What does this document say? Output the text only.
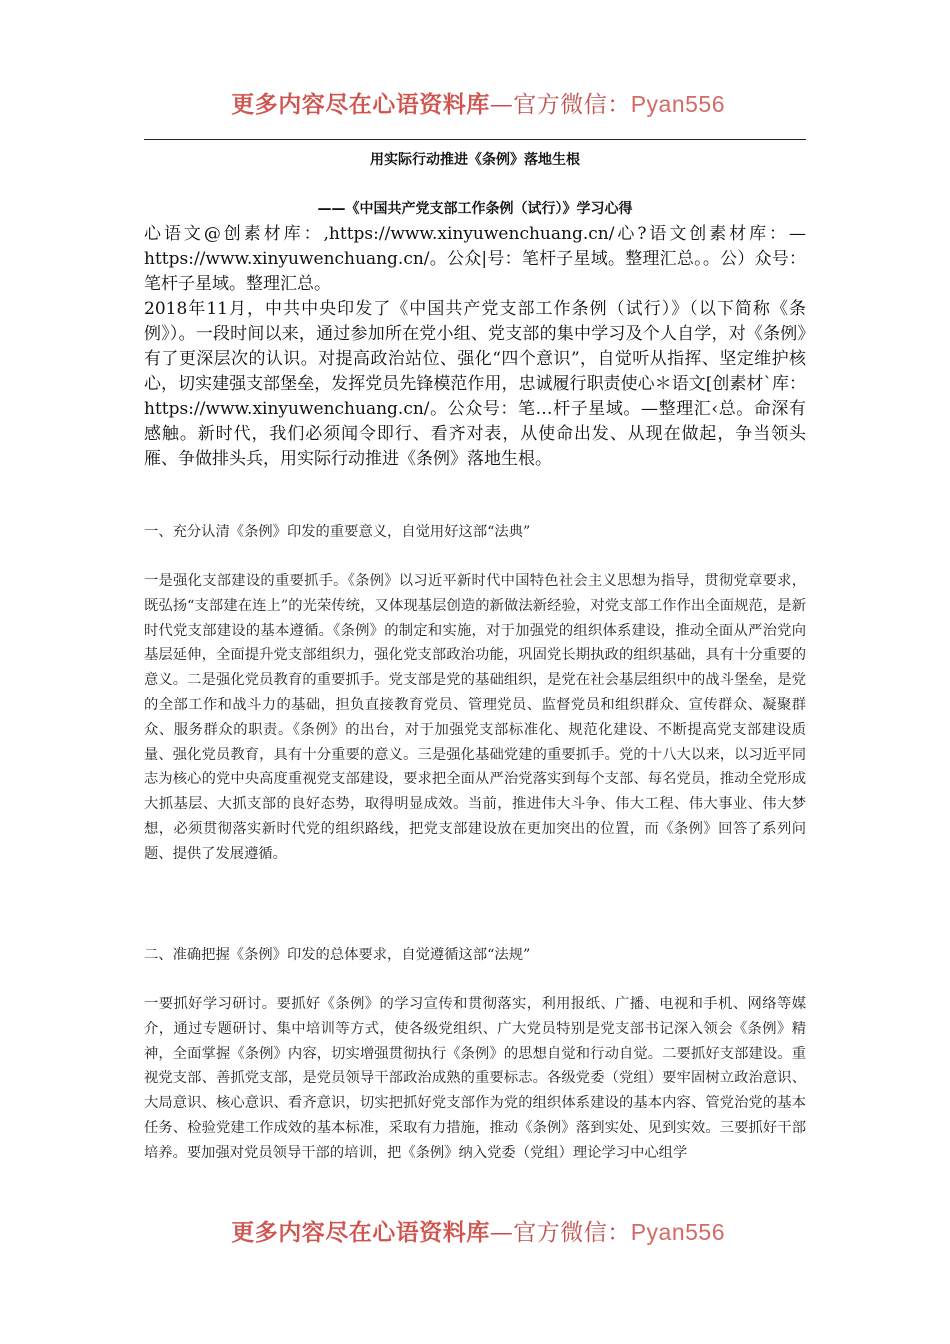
更多内容尽在心语资料库—官方微信：Pyan556
用实际行动推进《条例》落地生根
——《中国共产党支部工作条例（试行）》学习心得

心语文@创素材库：,https://www.xinyuwenchuang.cn/心?语文创素材库：—https://www.xinyuwenchuang.cn/。公众|号：笔杆子星域。整理汇总。。公）众号：笔杆子星域。整理汇总。

2018年11月，中共中央印发了《中国共产党支部工作条例（试行）》（以下简称《条例》）。一段时间以来，通过参加所在党小组、党支部的集中学习及个人自学，对《条例》有了更深层次的认识。对提高政治站位、强化“四个意识”，自觉听从指挥、坚定维护核心，切实建强支部堡垒，发挥党员先锋模范作用，忠诚履行职责使心＊语文[创素材`库：https://www.xinyuwenchuang.cn/。公众号：笔…杆子星域。—整理汇‹总。命深有感触。新时代，我们必须闻令即行、看齐对表，从使命出发、从现在做起，争当领头雁、争做排头兵，用实际行动推进《条例》落地生根。

一、充分认清《条例》印发的重要意义，自觉用好这部“法典”
一是强化支部建设的重要抓手。《条例》以习近平新时代中国特色社会主义思想为指导，贯彻党章要求，既弘扬“支部建在连上”的光荣传统，又体现基层创造的新做法新经验，对党支部工作作出全面规范，是新时代党支部建设的基本遵循。《条例》的制定和实施，对于加强党的组织体系建设，推动全面从严治党向基层延伸，全面提升党支部组织力，强化党支部政治功能，巩固党长期执政的组织基础，具有十分重要的意义。二是强化党员教育的重要抓手。党支部是党的基础组织，是党在社会基层组织中的战斗堡垒，是党的全部工作和战斗力的基础，担负直接教育党员、管理党员、监督党员和组织群众、宣传群众、凝聚群众、服务群众的职责。《条例》的出台，对于加强党支部标准化、规范化建设、不断提高党支部建设质量、强化党员教育，具有十分重要的意义。三是强化基础党建的重要抓手。党的十八大以来，以习近平同志为核心的党中央高度重视党支部建设，要求把全面从严治党落实到每个支部、每名党员，推动全党形成大抓基层、大抓支部的良好态势，取得明显成效。当前，推进伟大斗争、伟大工程、伟大事业、伟大梦想，必须贯彻落实新时代党的组织路线，把党支部建设放在更加突出的位置，而《条例》回答了系列问题、提供了发展遵循。
二、准确把握《条例》印发的总体要求，自觉遵循这部“法规”
一要抓好学习研讨。要抓好《条例》的学习宣传和贯彻落实，利用报纸、广播、电视和手机、网络等媒介，通过专题研讨、集中培训等方式，使各级党组织、广大党员特别是党支部书记深入领会《条例》精神，全面掌握《条例》内容，切实增强贯彻执行《条例》的思想自觉和行动自觉。二要抓好支部建设。重视党支部、善抓党支部，是党员领导干部政治成熟的重要标志。各级党委（党组）要牢固树立政治意识、大局意识、核心意识、看齐意识，切实把抓好党支部作为党的组织体系建设的基本内容、管党治党的基本任务、检验党建工作成效的基本标准，采取有力措施，推动《条例》落到实处、见到实效。三要抓好干部培养。要加强对党员领导干部的培训，把《条例》纳入党委（党组）理论学习中心组学
更多内容尽在心语资料库—官方微信：Pyan556
